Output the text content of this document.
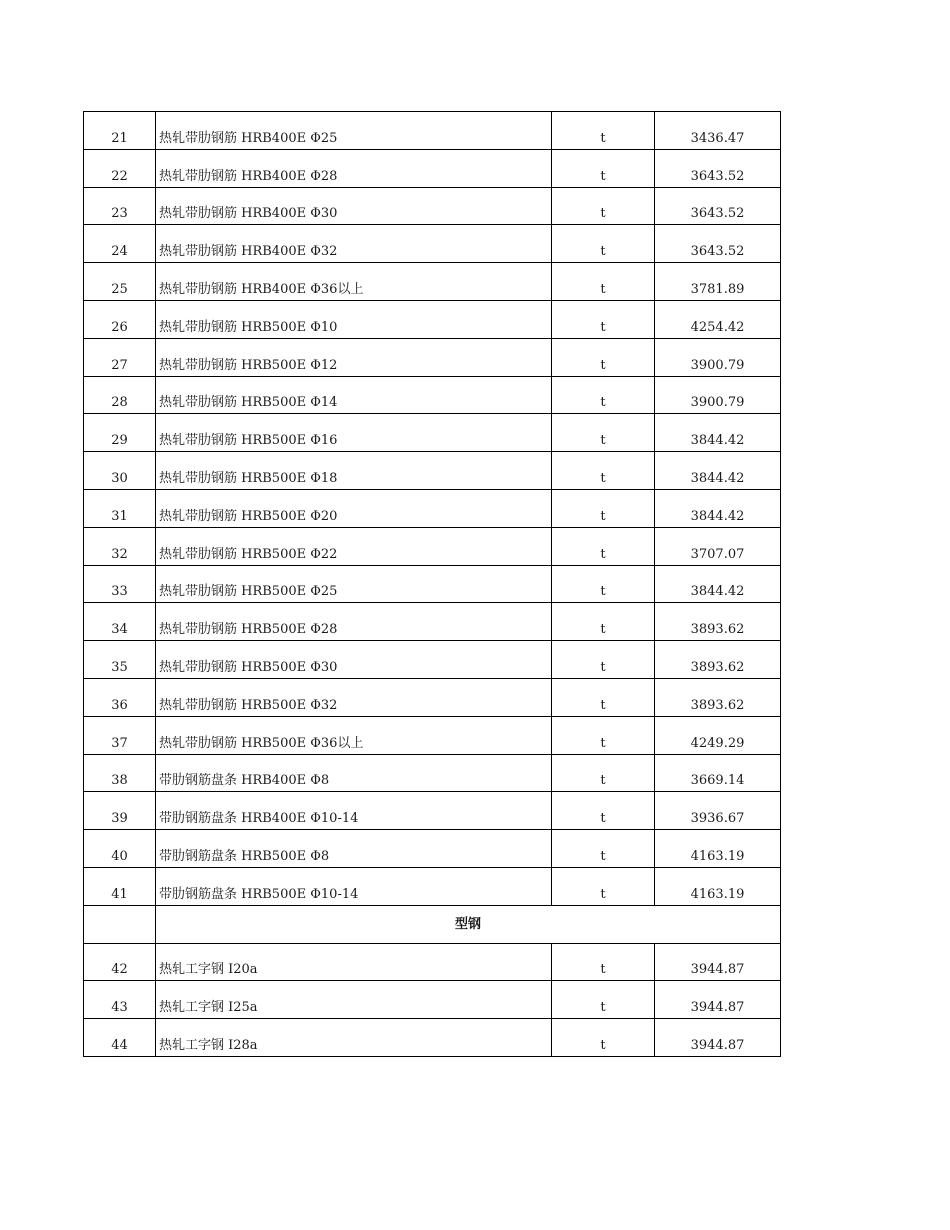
21	热轧带肋钢筋 HRB400E Φ25	t	3436.47
22	热轧带肋钢筋 HRB400E Φ28	t	3643.52
23	热轧带肋钢筋 HRB400E Φ30	t	3643.52
24	热轧带肋钢筋 HRB400E Φ32	t	3643.52
25	热轧带肋钢筋 HRB400E Φ36以上	t	3781.89
26	热轧带肋钢筋 HRB500E Φ10	t	4254.42
27	热轧带肋钢筋 HRB500E Φ12	t	3900.79
28	热轧带肋钢筋 HRB500E Φ14	t	3900.79
29	热轧带肋钢筋 HRB500E Φ16	t	3844.42
30	热轧带肋钢筋 HRB500E Φ18	t	3844.42
31	热轧带肋钢筋 HRB500E Φ20	t	3844.42
32	热轧带肋钢筋 HRB500E Φ22	t	3707.07
33	热轧带肋钢筋 HRB500E Φ25	t	3844.42
34	热轧带肋钢筋 HRB500E Φ28	t	3893.62
35	热轧带肋钢筋 HRB500E Φ30	t	3893.62
36	热轧带肋钢筋 HRB500E Φ32	t	3893.62
37	热轧带肋钢筋 HRB500E Φ36以上	t	4249.29
38	带肋钢筋盘条 HRB400E Φ8	t	3669.14
39	带肋钢筋盘条 HRB400E Φ10-14	t	3936.67
40	带肋钢筋盘条 HRB500E Φ8	t	4163.19
41	带肋钢筋盘条 HRB500E Φ10-14	t	4163.19
	型钢		
42	热轧工字钢 I20a	t	3944.87
43	热轧工字钢 I25a	t	3944.87
44	热轧工字钢 I28a	t	3944.87
